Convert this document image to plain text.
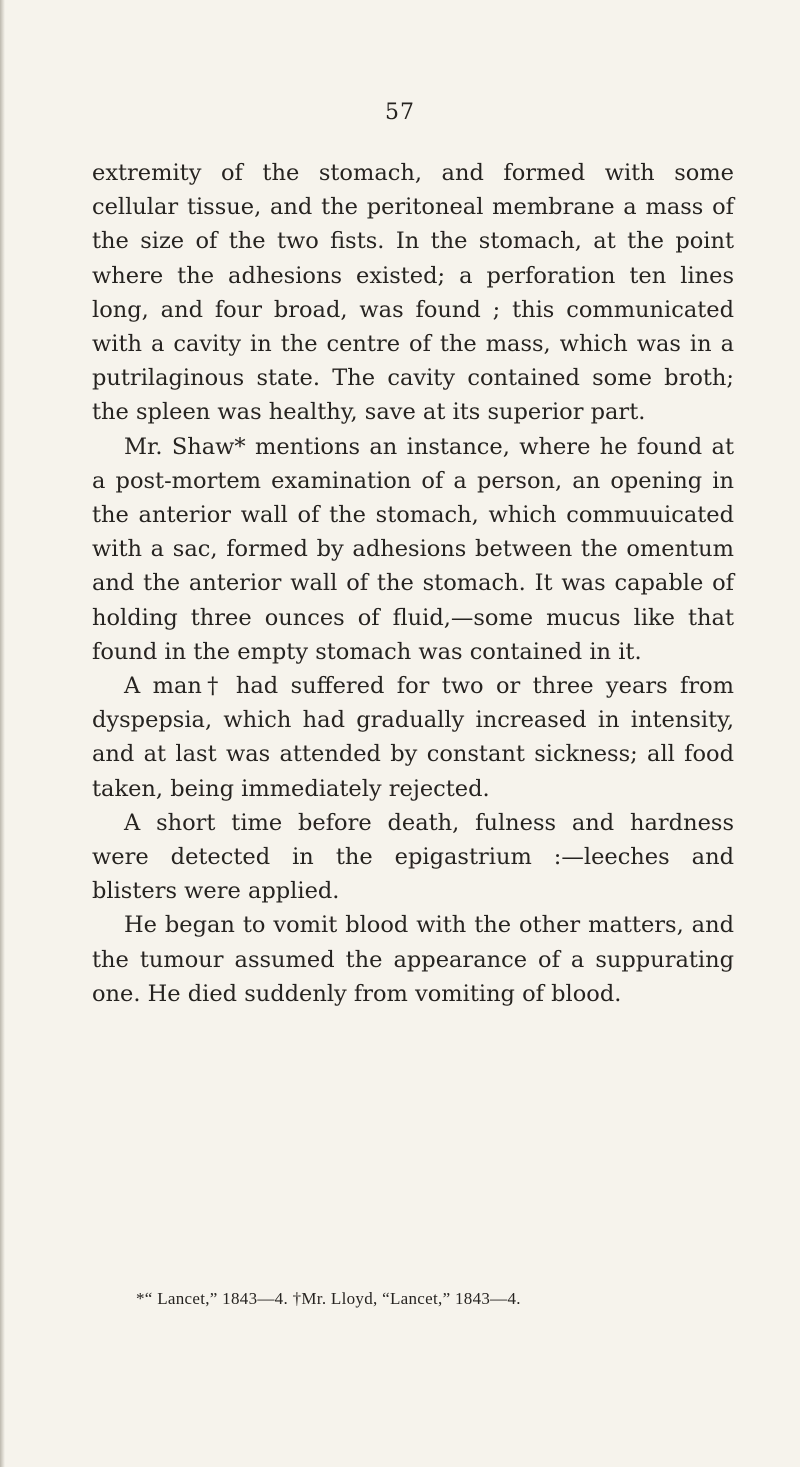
57

extremity of the stomach, and formed with some cellular tissue, and the peritoneal membrane a mass of the size of the two fists. In the stomach, at the point where the adhesions existed; a perforation ten lines long, and four broad, was found ; this communicated with a cavity in the centre of the mass, which was in a putrilaginous state. The cavity contained some broth; the spleen was healthy, save at its superior part.

Mr. Shaw* mentions an instance, where he found at a post-mortem examination of a person, an opening in the anterior wall of the stomach, which commuuicated with a sac, formed by adhesions between the omentum and the anterior wall of the stomach. It was capable of holding three ounces of fluid,—some mucus like that found in the empty stomach was contained in it.

A man† had suffered for two or three years from dyspepsia, which had gradually increased in intensity, and at last was attended by constant sickness; all food taken, being immediately rejected.

A short time before death, fulness and hardness were detected in the epigastrium :—leeches and blisters were applied.

He began to vomit blood with the other matters, and the tumour assumed the appearance of a suppurating one. He died suddenly from vomiting of blood.

*“ Lancet,” 1843—4. †Mr. Lloyd, “Lancet,” 1843—4.
